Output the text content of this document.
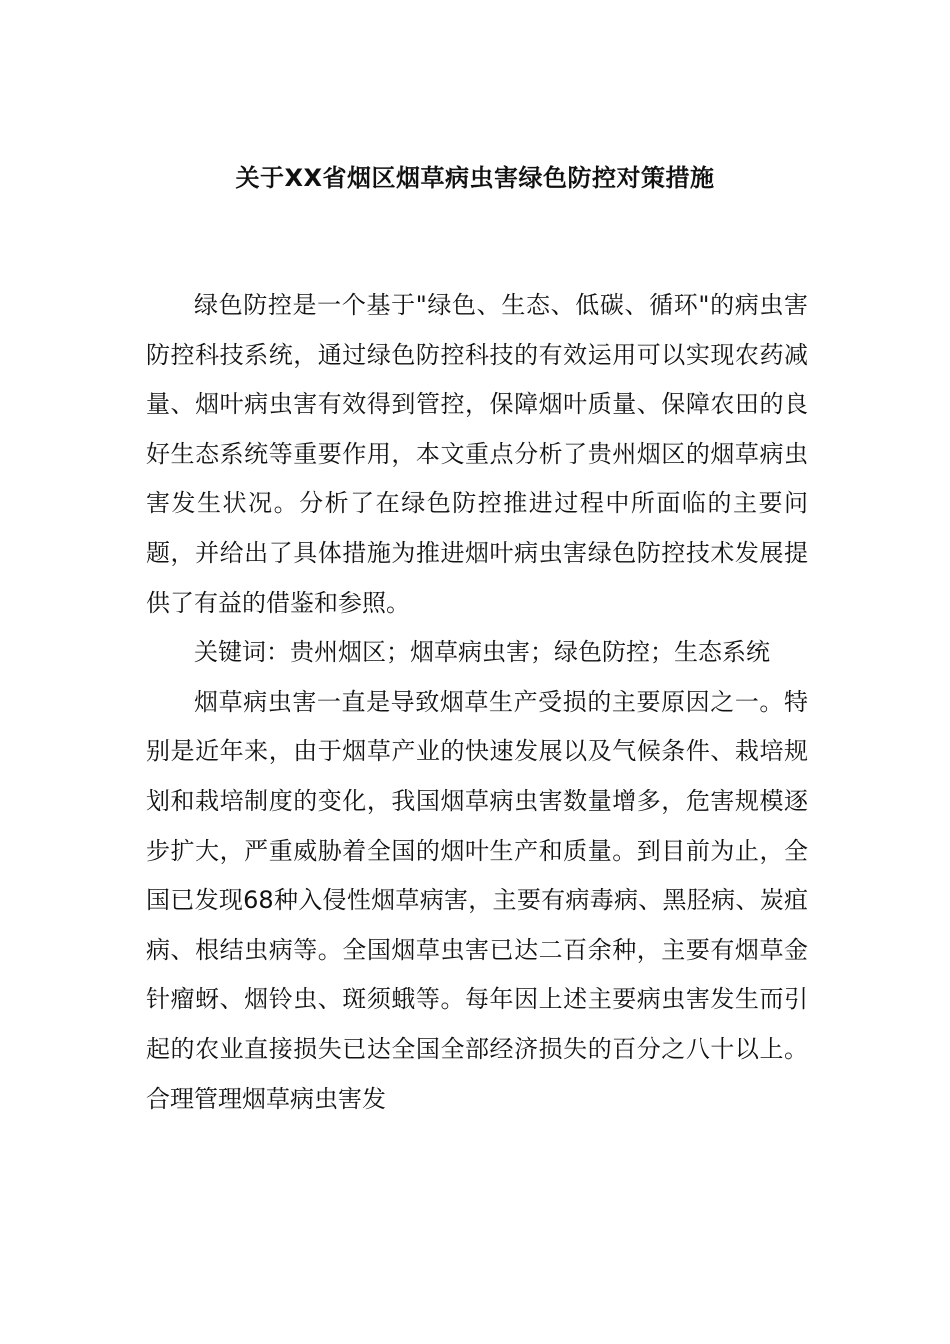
关于XX省烟区烟草病虫害绿色防控对策措施

绿色防控是一个基于"绿色、生态、低碳、循环"的病虫害防控科技系统，通过绿色防控科技的有效运用可以实现农药减量、烟叶病虫害有效得到管控，保障烟叶质量、保障农田的良好生态系统等重要作用，本文重点分析了贵州烟区的烟草病虫害发生状况。分析了在绿色防控推进过程中所面临的主要问题，并给出了具体措施为推进烟叶病虫害绿色防控技术发展提供了有益的借鉴和参照。

关键词：贵州烟区；烟草病虫害；绿色防控；生态系统

烟草病虫害一直是导致烟草生产受损的主要原因之一。特别是近年来，由于烟草产业的快速发展以及气候条件、栽培规划和栽培制度的变化，我国烟草病虫害数量增多，危害规模逐步扩大，严重威胁着全国的烟叶生产和质量。到目前为止，全国已发现68种入侵性烟草病害，主要有病毒病、黑胫病、炭疽病、根结虫病等。全国烟草虫害已达二百余种，主要有烟草金针瘤蚜、烟铃虫、斑须蛾等。每年因上述主要病虫害发生而引起的农业直接损失已达全国全部经济损失的百分之八十以上。合理管理烟草病虫害发
